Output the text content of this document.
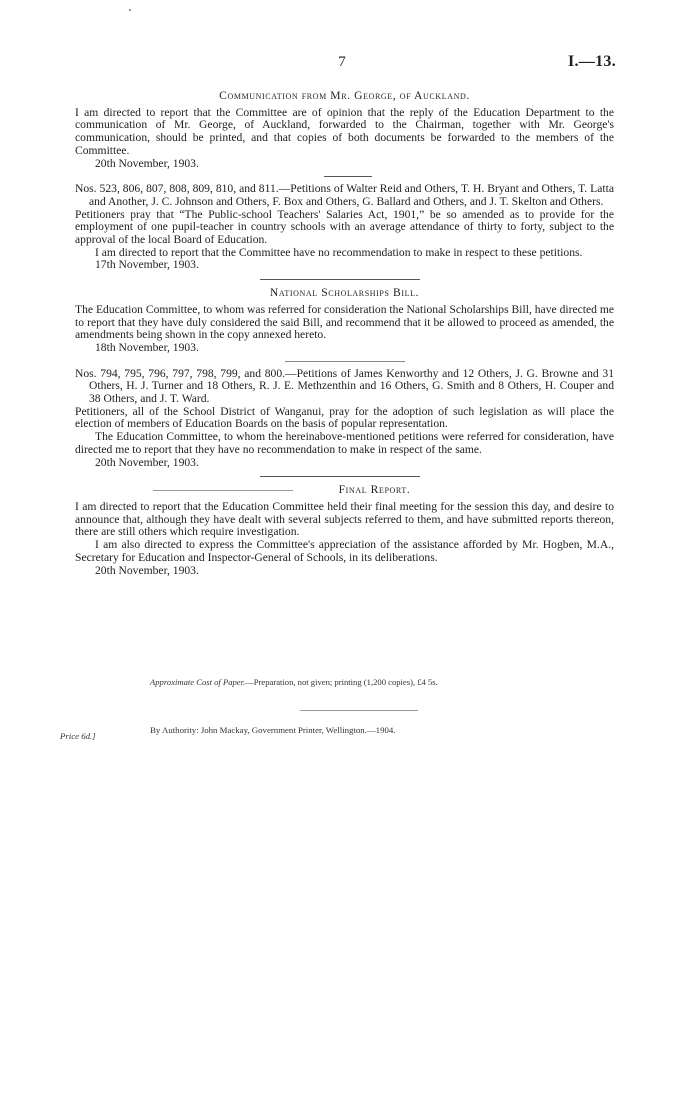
7	I.—13.
Communication from Mr. George, of Auckland.

I am directed to report that the Committee are of opinion that the reply of the Education Department to the communication of Mr. George, of Auckland, forwarded to the Chairman, together with Mr. George's communication, should be printed, and that copies of both documents be forwarded to the members of the Committee.

20th November, 1903.

Nos. 523, 806, 807, 808, 809, 810, and 811.—Petitions of Walter Reid and Others, T. H. Bryant and Others, T. Latta and Another, J. C. Johnson and Others, F. Box and Others, G. Ballard and Others, and J. T. Skelton and Others.

Petitioners pray that “The Public-school Teachers' Salaries Act, 1901,” be so amended as to provide for the employment of one pupil-teacher in country schools with an average attendance of thirty to forty, subject to the approval of the local Board of Education.

I am directed to report that the Committee have no recommendation to make in respect to these petitions.

17th November, 1903.

National Scholarships Bill.

The Education Committee, to whom was referred for consideration the National Scholarships Bill, have directed me to report that they have duly considered the said Bill, and recommend that it be allowed to proceed as amended, the amendments being shown in the copy annexed hereto.

18th November, 1903.

Nos. 794, 795, 796, 797, 798, 799, and 800.—Petitions of James Kenworthy and 12 Others, J. G. Browne and 31 Others, H. J. Turner and 18 Others, R. J. E. Methzenthin and 16 Others, G. Smith and 8 Others, H. Couper and 38 Others, and J. T. Ward.

Petitioners, all of the School District of Wanganui, pray for the adoption of such legislation as will place the election of members of Education Boards on the basis of popular representation.

The Education Committee, to whom the hereinabove-mentioned petitions were referred for consideration, have directed me to report that they have no recommendation to make in respect of the same.

20th November, 1903.

Final Report.

I am directed to report that the Education Committee held their final meeting for the session this day, and desire to announce that, although they have dealt with several subjects referred to them, and have submitted reports thereon, there are still others which require investigation.

I am also directed to express the Committee's appreciation of the assistance afforded by Mr. Hogben, M.A., Secretary for Education and Inspector-General of Schools, in its deliberations.

20th November, 1903.

Approximate Cost of Paper.—Preparation, not given; printing (1,200 copies), £4 5s.
By Authority: John Mackay, Government Printer, Wellington.—1904.
Price 6d.]
